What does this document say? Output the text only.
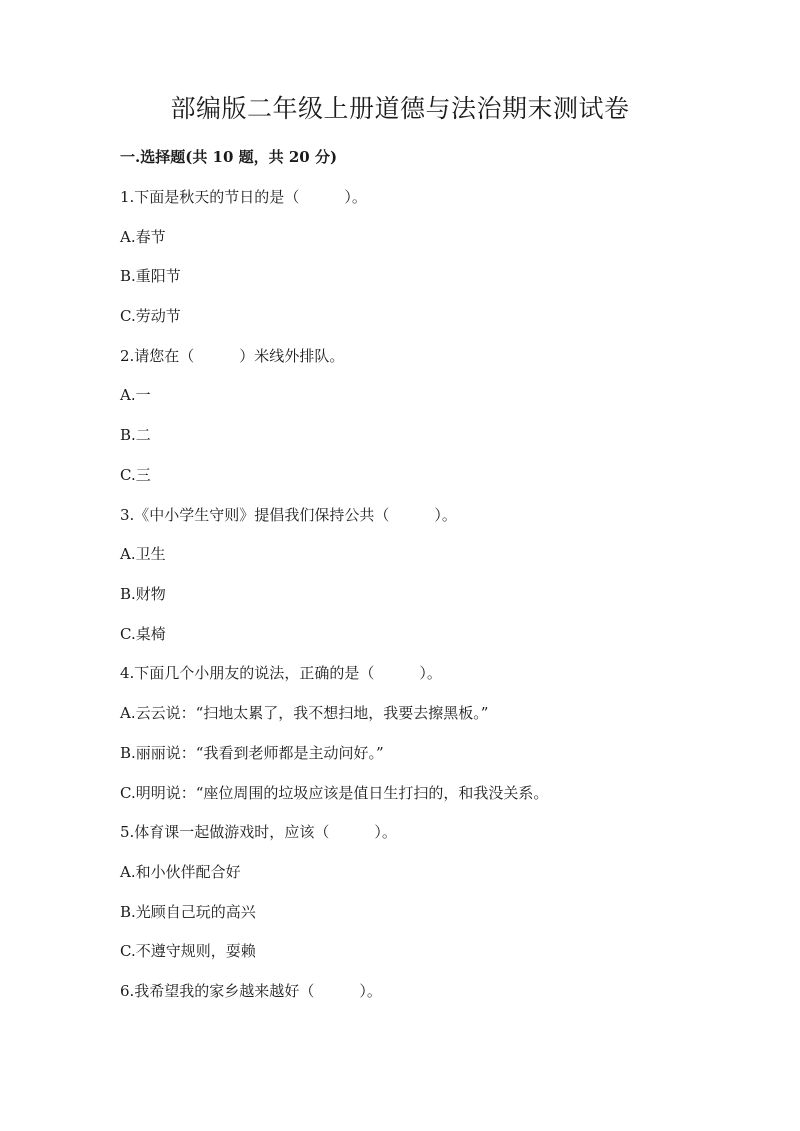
部编版二年级上册道德与法治期末测试卷

一.选择题(共 10 题，共 20 分)

1.下面是秋天的节日的是（　　　）。

A.春节

B.重阳节

C.劳动节

2.请您在（　　　）米线外排队。

A.一

B.二

C.三

3.《中小学生守则》提倡我们保持公共（　　　）。

A.卫生

B.财物

C.桌椅

4.下面几个小朋友的说法，正确的是（　　　）。

A.云云说：“扫地太累了，我不想扫地，我要去擦黑板。”

B.丽丽说：“我看到老师都是主动问好。”

C.明明说：“座位周围的垃圾应该是值日生打扫的，和我没关系。

5.体育课一起做游戏时，应该（　　　）。

A.和小伙伴配合好

B.光顾自己玩的高兴

C.不遵守规则，耍赖

6.我希望我的家乡越来越好（　　　）。
